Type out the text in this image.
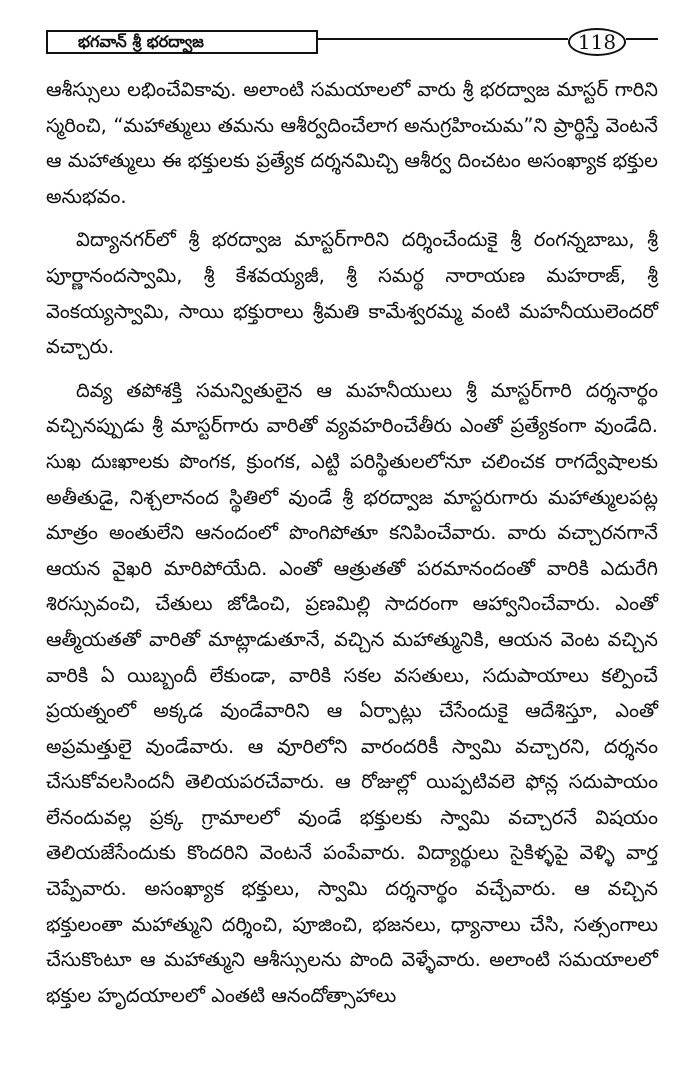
భగవాన్ శ్రీ భరద్వాజ	118

ఆశీస్సులు లభించేవికావు. అలాంటి సమయాలలో వారు శ్రీ భరద్వాజ మాస్టర్ గారిని స్మరించి, “మహాత్ములు తమను ఆశీర్వదించేలాగ అనుగ్రహించుమ”ని ప్రార్థిస్తే వెంటనే ఆ మహాత్ములు ఈ భక్తులకు ప్రత్యేక దర్శనమిచ్చి ఆశీర్వ దించటం అసంఖ్యాక భక్తుల అనుభవం.

విద్యానగర్‌లో శ్రీ భరద్వాజ మాస్టర్‌గారిని దర్శించేందుకై శ్రీ రంగన్నబాబు, శ్రీ పూర్ణానందస్వామి, శ్రీ కేశవయ్యజీ, శ్రీ సమర్థ నారాయణ మహరాజ్, శ్రీ వెంకయ్యస్వామి, సాయి భక్తురాలు శ్రీమతి కామేశ్వరమ్మ వంటి మహనీయులెందరో వచ్చారు.

దివ్య తపోశక్తి సమన్వితులైన ఆ మహనీయులు శ్రీ మాస్టర్‌గారి దర్శనార్థం వచ్చినప్పుడు శ్రీ మాస్టర్‌గారు వారితో వ్యవహరించేతీరు ఎంతో ప్రత్యేకంగా వుండేది. సుఖ దుఃఖాలకు పొంగక, క్రుంగక, ఎట్టి పరిస్థితులలోనూ చలించక రాగద్వేషాలకు అతీతుడై, నిశ్చలానంద స్థితిలో వుండే శ్రీ భరద్వాజ మాస్టరుగారు మహాత్ములపట్ల మాత్రం అంతులేని ఆనందంలో పొంగిపోతూ కనిపించేవారు. వారు వచ్చారనగానే ఆయన వైఖరి మారిపోయేది. ఎంతో ఆత్రుతతో పరమానందంతో వారికి ఎదురేగి శిరస్సువంచి, చేతులు జోడించి, ప్రణమిల్లి సాదరంగా ఆహ్వానించేవారు. ఎంతో ఆత్మీయతతో వారితో మాట్లాడుతూనే, వచ్చిన మహాత్మునికి, ఆయన వెంట వచ్చిన వారికి ఏ యిబ్బందీ లేకుండా, వారికి సకల వసతులు, సదుపాయాలు కల్పించే ప్రయత్నంలో అక్కడ వుండేవారిని ఆ ఏర్పాట్లు చేసేందుకై ఆదేశిస్తూ, ఎంతో అప్రమత్తులై వుండేవారు. ఆ వూరిలోని వారందరికీ స్వామి వచ్చారని, దర్శనం చేసుకోవలసిందనీ తెలియపరచేవారు. ఆ రోజుల్లో యిప్పటివలె ఫోన్ల సదుపాయం లేనందువల్ల ప్రక్క గ్రామాలలో వుండే భక్తులకు స్వామి వచ్చారనే విషయం తెలియజేసేందుకు కొందరిని వెంటనే పంపేవారు. విద్యార్థులు సైకిళ్ళపై వెళ్ళి వార్త చెప్పేవారు. అసంఖ్యాక భక్తులు, స్వామి దర్శనార్థం వచ్చేవారు. ఆ వచ్చిన భక్తులంతా మహాత్ముని దర్శించి, పూజించి, భజనలు, ధ్యానాలు చేసి, సత్సంగాలు చేసుకొంటూ ఆ మహాత్ముని ఆశీస్సులను పొంది వెళ్ళేవారు. అలాంటి సమయాలలో భక్తుల హృదయాలలో ఎంతటి ఆనందోత్సాహాలు
